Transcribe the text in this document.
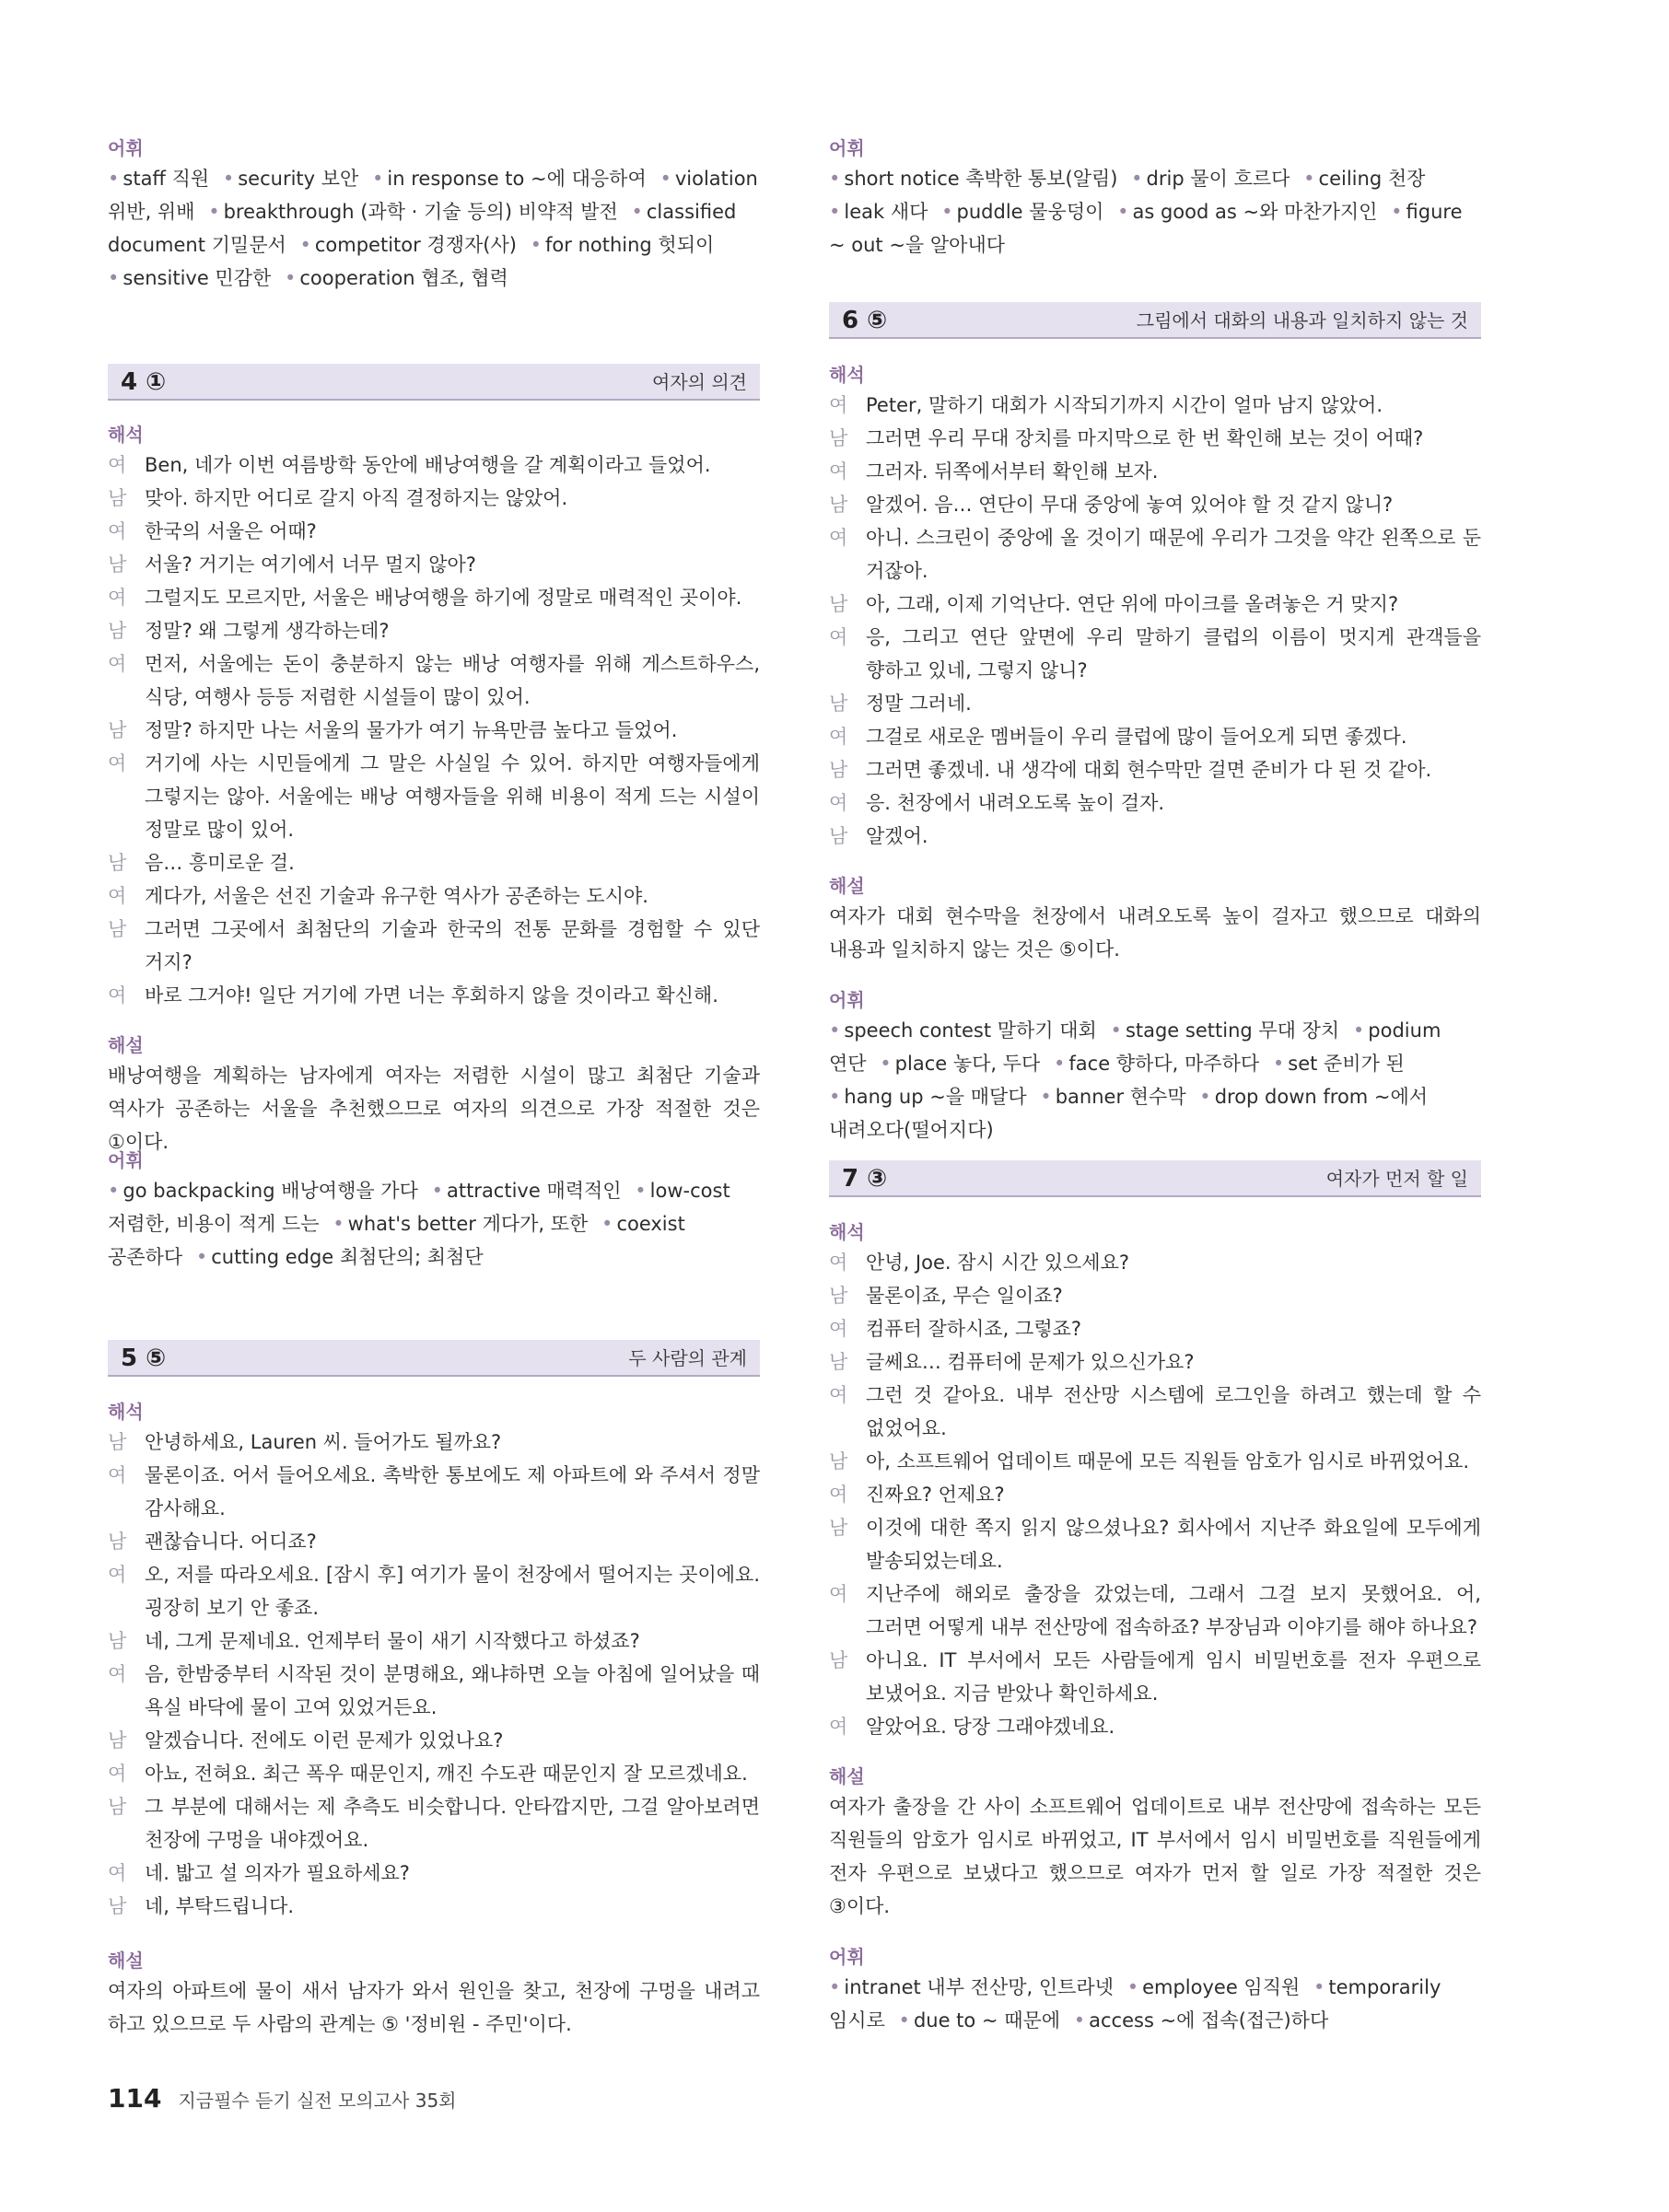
어휘
• staff 직원 • security 보안 • in response to ~에 대응하여 • violation 위반, 위배 • breakthrough (과학 · 기술 등의) 비약적 발전 • classified document 기밀문서 • competitor 경쟁자(사) • for nothing 헛되이 • sensitive 민감한 • cooperation 협조, 협력
4 ①	여자의 의견
해석
여 Ben, 네가 이번 여름방학 동안에 배낭여행을 갈 계획이라고 들었어.
남 맞아. 하지만 어디로 갈지 아직 결정하지는 않았어.
여 한국의 서울은 어때?
남 서울? 거기는 여기에서 너무 멀지 않아?
여 그럴지도 모르지만, 서울은 배낭여행을 하기에 정말로 매력적인 곳이야.
남 정말? 왜 그렇게 생각하는데?
여 먼저, 서울에는 돈이 충분하지 않는 배낭 여행자를 위해 게스트하우스, 식당, 여행사 등등 저렴한 시설들이 많이 있어.
남 정말? 하지만 나는 서울의 물가가 여기 뉴욕만큼 높다고 들었어.
여 거기에 사는 시민들에게 그 말은 사실일 수 있어. 하지만 여행자들에게 그렇지는 않아. 서울에는 배낭 여행자들을 위해 비용이 적게 드는 시설이 정말로 많이 있어.
남 음… 흥미로운 걸.
여 게다가, 서울은 선진 기술과 유구한 역사가 공존하는 도시야.
남 그러면 그곳에서 최첨단의 기술과 한국의 전통 문화를 경험할 수 있단 거지?
여 바로 그거야! 일단 거기에 가면 너는 후회하지 않을 것이라고 확신해.
해설
배낭여행을 계획하는 남자에게 여자는 저렴한 시설이 많고 최첨단 기술과 역사가 공존하는 서울을 추천했으므로 여자의 의견으로 가장 적절한 것은 ①이다.
어휘
• go backpacking 배낭여행을 가다 • attractive 매력적인 • low-cost 저렴한, 비용이 적게 드는 • what's better 게다가, 또한 • coexist 공존하다 • cutting edge 최첨단의; 최첨단
5 ⑤	두 사람의 관계
해석
남 안녕하세요, Lauren 씨. 들어가도 될까요?
여 물론이죠. 어서 들어오세요. 촉박한 통보에도 제 아파트에 와 주셔서 정말 감사해요.
남 괜찮습니다. 어디죠?
여 오, 저를 따라오세요. [잠시 후] 여기가 물이 천장에서 떨어지는 곳이에요. 굉장히 보기 안 좋죠.
남 네, 그게 문제네요. 언제부터 물이 새기 시작했다고 하셨죠?
여 음, 한밤중부터 시작된 것이 분명해요, 왜냐하면 오늘 아침에 일어났을 때 욕실 바닥에 물이 고여 있었거든요.
남 알겠습니다. 전에도 이런 문제가 있었나요?
여 아뇨, 전혀요. 최근 폭우 때문인지, 깨진 수도관 때문인지 잘 모르겠네요.
남 그 부분에 대해서는 제 추측도 비슷합니다. 안타깝지만, 그걸 알아보려면 천장에 구멍을 내야겠어요.
여 네. 밟고 설 의자가 필요하세요?
남 네, 부탁드립니다.
해설
여자의 아파트에 물이 새서 남자가 와서 원인을 찾고, 천장에 구멍을 내려고 하고 있으므로 두 사람의 관계는 ⑤ '정비원 - 주민'이다.
어휘
• short notice 촉박한 통보(알림) • drip 물이 흐르다 • ceiling 천장 • leak 새다 • puddle 물웅덩이 • as good as ~와 마찬가지인 • figure ~ out ~을 알아내다
6 ⑤	그림에서 대화의 내용과 일치하지 않는 것
해석
여 Peter, 말하기 대회가 시작되기까지 시간이 얼마 남지 않았어.
남 그러면 우리 무대 장치를 마지막으로 한 번 확인해 보는 것이 어때?
여 그러자. 뒤쪽에서부터 확인해 보자.
남 알겠어. 음… 연단이 무대 중앙에 놓여 있어야 할 것 같지 않니?
여 아니. 스크린이 중앙에 올 것이기 때문에 우리가 그것을 약간 왼쪽으로 둔 거잖아.
남 아, 그래, 이제 기억난다. 연단 위에 마이크를 올려놓은 거 맞지?
여 응, 그리고 연단 앞면에 우리 말하기 클럽의 이름이 멋지게 관객들을 향하고 있네, 그렇지 않니?
남 정말 그러네.
여 그걸로 새로운 멤버들이 우리 클럽에 많이 들어오게 되면 좋겠다.
남 그러면 좋겠네. 내 생각에 대회 현수막만 걸면 준비가 다 된 것 같아.
여 응. 천장에서 내려오도록 높이 걸자.
남 알겠어.
해설
여자가 대회 현수막을 천장에서 내려오도록 높이 걸자고 했으므로 대화의 내용과 일치하지 않는 것은 ⑤이다.
어휘
• speech contest 말하기 대회 • stage setting 무대 장치 • podium 연단 • place 놓다, 두다 • face 향하다, 마주하다 • set 준비가 된 • hang up ~을 매달다 • banner 현수막 • drop down from ~에서 내려오다(떨어지다)
7 ③	여자가 먼저 할 일
해석
여 안녕, Joe. 잠시 시간 있으세요?
남 물론이죠, 무슨 일이죠?
여 컴퓨터 잘하시죠, 그렇죠?
남 글쎄요… 컴퓨터에 문제가 있으신가요?
여 그런 것 같아요. 내부 전산망 시스템에 로그인을 하려고 했는데 할 수 없었어요.
남 아, 소프트웨어 업데이트 때문에 모든 직원들 암호가 임시로 바뀌었어요.
여 진짜요? 언제요?
남 이것에 대한 쪽지 읽지 않으셨나요? 회사에서 지난주 화요일에 모두에게 발송되었는데요.
여 지난주에 해외로 출장을 갔었는데, 그래서 그걸 보지 못했어요. 어, 그러면 어떻게 내부 전산망에 접속하죠? 부장님과 이야기를 해야 하나요?
남 아니요. IT 부서에서 모든 사람들에게 임시 비밀번호를 전자 우편으로 보냈어요. 지금 받았나 확인하세요.
여 알았어요. 당장 그래야겠네요.
해설
여자가 출장을 간 사이 소프트웨어 업데이트로 내부 전산망에 접속하는 모든 직원들의 암호가 임시로 바뀌었고, IT 부서에서 임시 비밀번호를 직원들에게 전자 우편으로 보냈다고 했으므로 여자가 먼저 할 일로 가장 적절한 것은 ③이다.
어휘
• intranet 내부 전산망, 인트라넷 • employee 임직원 • temporarily 임시로 • due to ~ 때문에 • access ~에 접속(접근)하다
114 지금필수 듣기 실전 모의고사 35회
